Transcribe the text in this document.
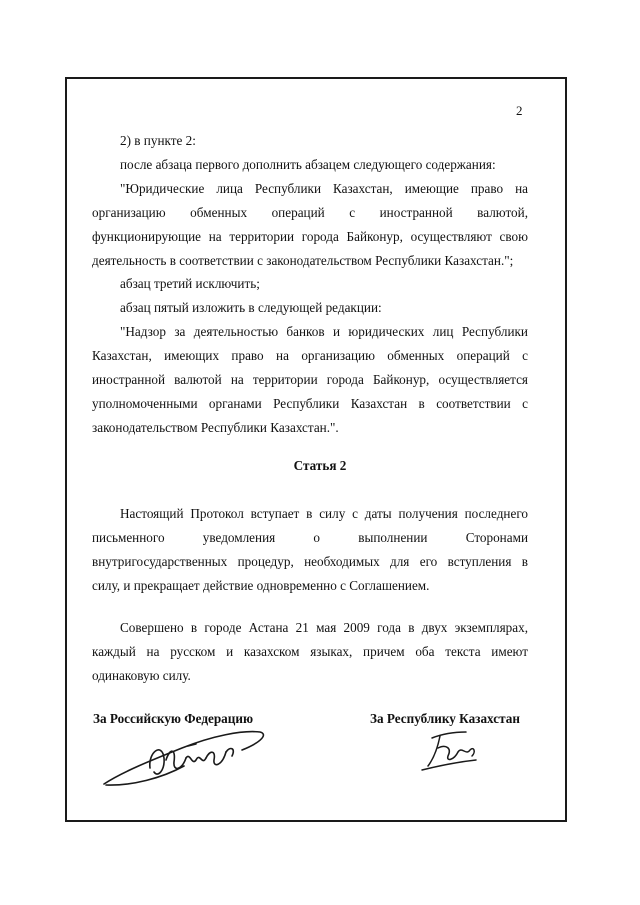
2

2) в пункте 2:

после абзаца первого дополнить абзацем следующего содержания:

"Юридические лица Республики Казахстан, имеющие право на

организацию обменных операций с иностранной валютой,

функционирующие на территории города Байконур, осуществляют свою

деятельность в соответствии с законодательством Республики Казахстан.";

абзац третий исключить;

абзац пятый изложить в следующей редакции:

"Надзор за деятельностью банков и юридических лиц Республики

Казахстан, имеющих право на организацию обменных операций с

иностранной валютой на территории города Байконур, осуществляется

уполномоченными органами Республики Казахстан в соответствии с

законодательством Республики Казахстан.".

Статья 2

Настоящий Протокол вступает в силу с даты получения последнего

письменного уведомления о выполнении Сторонами

внутригосударственных процедур, необходимых для его вступления в

силу, и прекращает действие одновременно с Соглашением.

Совершено в городе Астана 21 мая 2009 года в двух экземплярах,

каждый на русском и казахском языках, причем оба текста имеют

одинаковую силу.

За Российскую Федерацию	За Республику Казахстан
